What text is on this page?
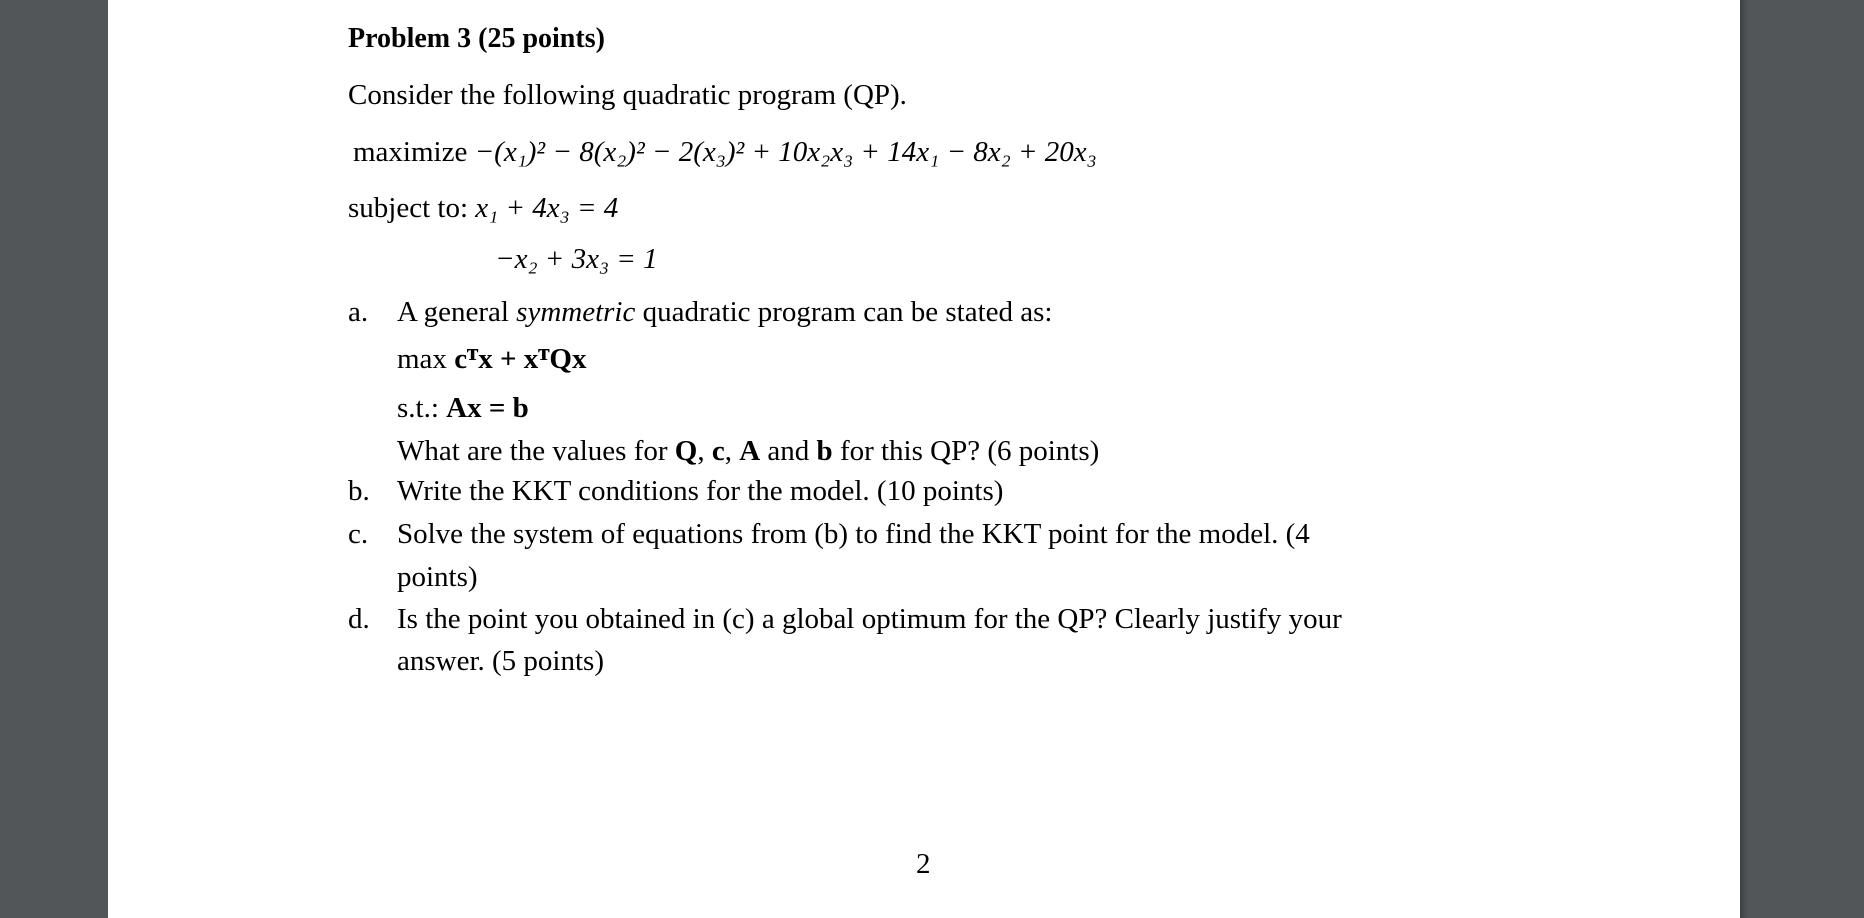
Problem 3 (25 points)
Consider the following quadratic program (QP).
maximize −(x₁)² − 8(x₂)² − 2(x₃)² + 10x₂x₃ + 14x₁ − 8x₂ + 20x₃
subject to: x₁ + 4x₃ = 4
−x₂ + 3x₃ = 1
a. A general symmetric quadratic program can be stated as:
max cᵀx + xᵀQx
s.t.: Ax = b
What are the values for Q, c, A and b for this QP? (6 points)
b. Write the KKT conditions for the model. (10 points)
c. Solve the system of equations from (b) to find the KKT point for the model. (4
points)
d. Is the point you obtained in (c) a global optimum for the QP? Clearly justify your
answer. (5 points)
2
